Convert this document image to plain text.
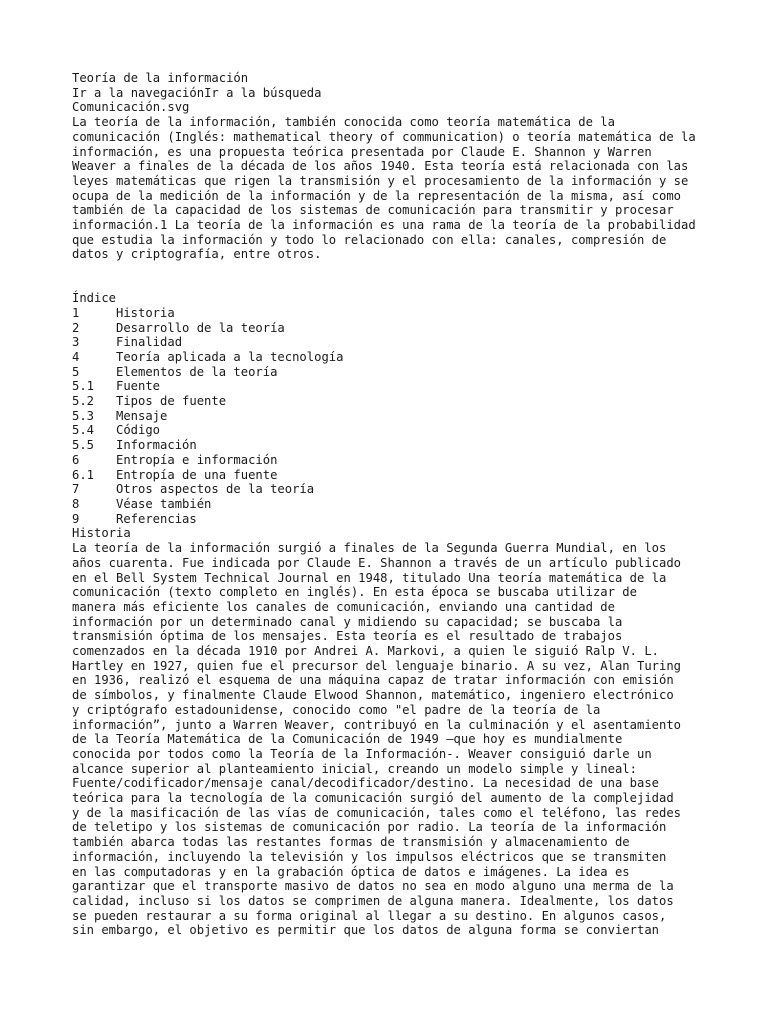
Teoría de la información
Ir a la navegaciónIr a la búsqueda
Comunicación.svg
La teoría de la información, también conocida como teoría matemática de la comunicación (Inglés: mathematical theory of communication) o teoría matemática de la información, es una propuesta teórica presentada por Claude E. Shannon y Warren Weaver a finales de la década de los años 1940. Esta teoría está relacionada con las leyes matemáticas que rigen la transmisión y el procesamiento de la información y se ocupa de la medición de la información y de la representación de la misma, así como también de la capacidad de los sistemas de comunicación para transmitir y procesar información.1 La teoría de la información es una rama de la teoría de la probabilidad que estudia la información y todo lo relacionado con ella: canales, compresión de datos y criptografía, entre otros.
Índice
1	Historia
2	Desarrollo de la teoría
3	Finalidad
4	Teoría aplicada a la tecnología
5	Elementos de la teoría
5.1	Fuente
5.2	Tipos de fuente
5.3	Mensaje
5.4	Código
5.5	Información
6	Entropía e información
6.1	Entropía de una fuente
7	Otros aspectos de la teoría
8	Véase también
9	Referencias
Historia
La teoría de la información surgió a finales de la Segunda Guerra Mundial, en los
años cuarenta. Fue indicada por Claude E. Shannon a través de un artículo publicado
en el Bell System Technical Journal en 1948, titulado Una teoría matemática de la
comunicación (texto completo en inglés). En esta época se buscaba utilizar de
manera más eficiente los canales de comunicación, enviando una cantidad de
información por un determinado canal y midiendo su capacidad; se buscaba la
transmisión óptima de los mensajes. Esta teoría es el resultado de trabajos
comenzados en la década 1910 por Andrei A. Markovi, a quien le siguió Ralp V. L.
Hartley en 1927, quien fue el precursor del lenguaje binario. A su vez, Alan Turing
en 1936, realizó el esquema de una máquina capaz de tratar información con emisión
de símbolos, y finalmente Claude Elwood Shannon, matemático, ingeniero electrónico
y criptógrafo estadounidense, conocido como "el padre de la teoría de la
información”, junto a Warren Weaver, contribuyó en la culminación y el asentamiento
de la Teoría Matemática de la Comunicación de 1949 –que hoy es mundialmente
conocida por todos como la Teoría de la Información-. Weaver consiguió darle un
alcance superior al planteamiento inicial, creando un modelo simple y lineal:
Fuente/codificador/mensaje canal/decodificador/destino. La necesidad de una base
teórica para la tecnología de la comunicación surgió del aumento de la complejidad
y de la masificación de las vías de comunicación, tales como el teléfono, las redes
de teletipo y los sistemas de comunicación por radio. La teoría de la información
también abarca todas las restantes formas de transmisión y almacenamiento de
información, incluyendo la televisión y los impulsos eléctricos que se transmiten
en las computadoras y en la grabación óptica de datos e imágenes. La idea es
garantizar que el transporte masivo de datos no sea en modo alguno una merma de la
calidad, incluso si los datos se comprimen de alguna manera. Idealmente, los datos
se pueden restaurar a su forma original al llegar a su destino. En algunos casos,
sin embargo, el objetivo es permitir que los datos de alguna forma se conviertan
